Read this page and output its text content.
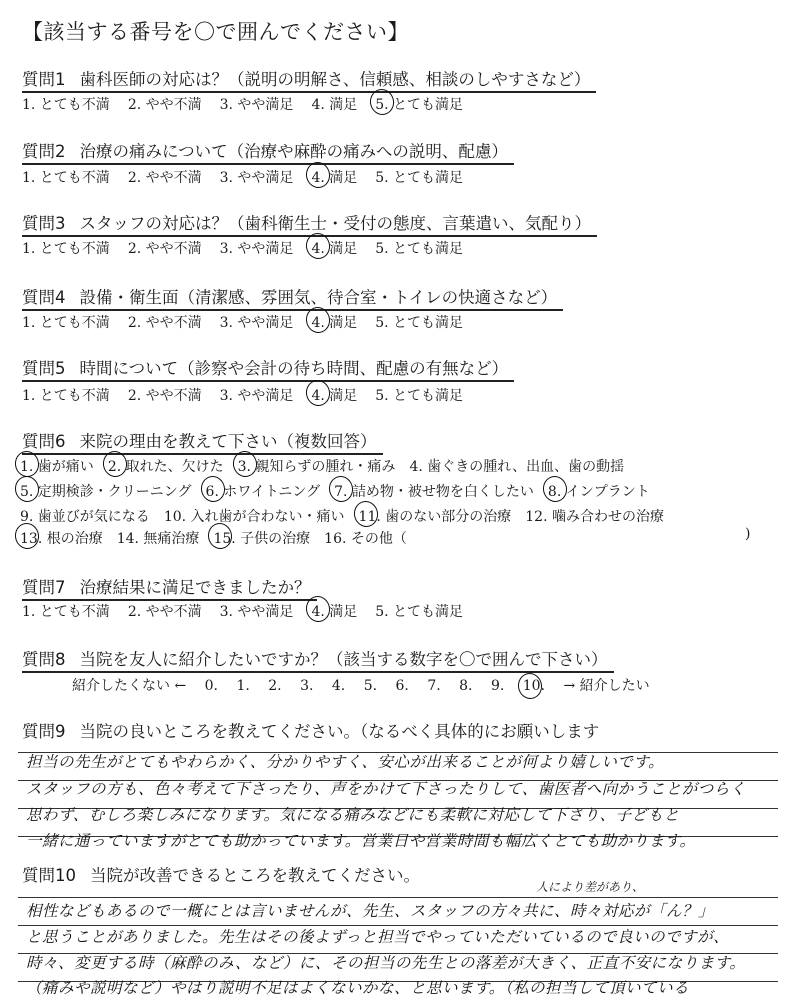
【該当する番号を〇で囲んでください】
質問1 歯科医師の対応は？（説明の明解さ、信頼感、相談のしやすさなど）
1. とても不満 2. やや不満 3. やや満足 4. 満足 5. とても満足
質問2 治療の痛みについて（治療や麻酔の痛みへの説明、配慮）
1. とても不満 2. やや不満 3. やや満足 4. 満足 5. とても満足
質問3 スタッフの対応は？（歯科衛生士・受付の態度、言葉遣い、気配り）
1. とても不満 2. やや不満 3. やや満足 4. 満足 5. とても満足
質問4 設備・衛生面（清潔感、雰囲気、待合室・トイレの快適さなど）
1. とても不満 2. やや不満 3. やや満足 4. 満足 5. とても満足
質問5 時間について（診察や会計の待ち時間、配慮の有無など）
1. とても不満 2. やや不満 3. やや満足 4. 満足 5. とても満足
質問6 来院の理由を教えて下さい（複数回答）
1. 歯が痛い 2. 取れた、欠けた 3. 親知らずの腫れ・痛み 4. 歯ぐきの腫れ、出血、歯の動揺
5. 定期検診・クリーニング 6. ホワイトニング 7. 詰め物・被せ物を白くしたい 8. インプラント
9. 歯並びが気になる 10. 入れ歯が合わない・痛い 11. 歯のない部分の治療 12. 噛み合わせの治療
13. 根の治療 14. 無痛治療 15. 子供の治療 16. その他（	)
質問7 治療結果に満足できましたか？
1. とても不満 2. やや不満 3. やや満足 4. 満足 5. とても満足
質問8 当院を友人に紹介したいですか？（該当する数字を〇で囲んで下さい）
紹介したくない ← 0. 1. 2. 3. 4. 5. 6. 7. 8. 9. 10. → 紹介したい
質問9 当院の良いところを教えてください。（なるべく具体的にお願いします
担当の先生がとてもやわらかく、分かりやすく、安心が出来ることが何より嬉しいです。
スタッフの方も、色々考えて下さったり、声をかけて下さったりして、歯医者へ向かうことがつらく
思わず、むしろ楽しみになります。気になる痛みなどにも柔軟に対応して下さり、子どもと
一緒に通っていますがとても助かっています。営業日や営業時間も幅広くとても助かります。
質問10 当院が改善できるところを教えてください。
人により差があり、
相性などもあるので一概にとは言いませんが、先生、スタッフの方々共に、時々対応が「ん？」
と思うことがありました。先生はその後よずっと担当でやっていただいているので良いのですが、
時々、変更する時（麻酔のみ、など）に、その担当の先生との落差が大きく、正直不安になります。
（痛みや説明など）やはり説明不足はよくないかな、と思います。（私の担当して頂いている
